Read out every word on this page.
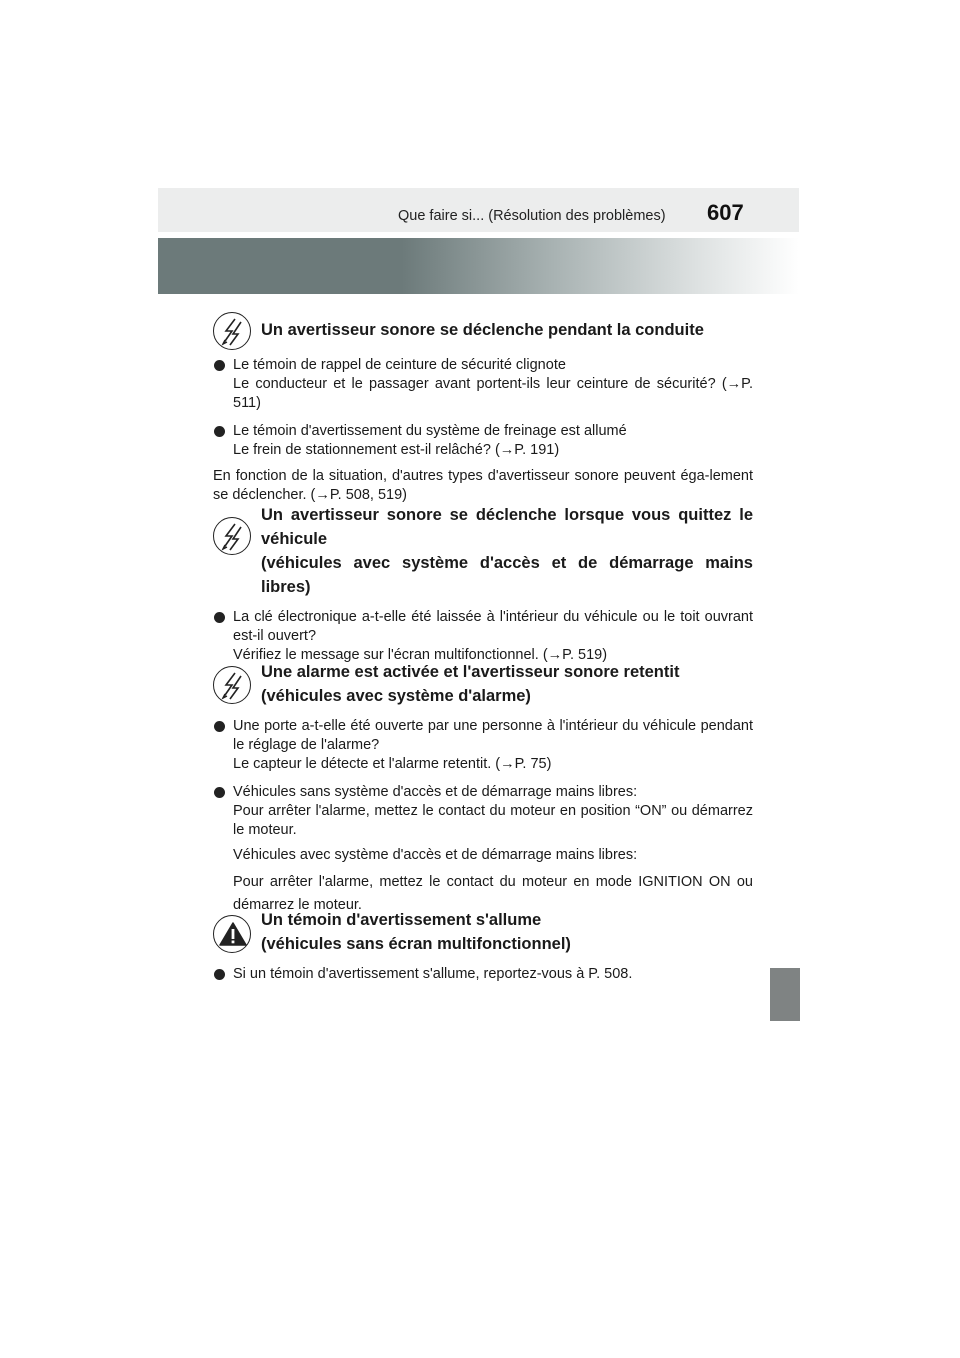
Que faire si... (Résolution des problèmes) 607
Un avertisseur sonore se déclenche pendant la conduite
Le témoin de rappel de ceinture de sécurité clignote
Le conducteur et le passager avant portent-ils leur ceinture de sécurité? (→P. 511)
Le témoin d'avertissement du système de freinage est allumé
Le frein de stationnement est-il relâché? (→P. 191)
En fonction de la situation, d'autres types d'avertisseur sonore peuvent éga-lement se déclencher. (→P. 508, 519)
Un avertisseur sonore se déclenche lorsque vous quittez le véhicule
(véhicules avec système d'accès et de démarrage mains libres)
La clé électronique a-t-elle été laissée à l'intérieur du véhicule ou le toit ouvrant est-il ouvert?
Vérifiez le message sur l'écran multifonctionnel. (→P. 519)
Une alarme est activée et l'avertisseur sonore retentit
(véhicules avec système d'alarme)
Une porte a-t-elle été ouverte par une personne à l'intérieur du véhicule pendant le réglage de l'alarme?
Le capteur le détecte et l'alarme retentit. (→P. 75)
Véhicules sans système d'accès et de démarrage mains libres:
Pour arrêter l'alarme, mettez le contact du moteur en position “ON” ou démarrez le moteur.
Véhicules avec système d'accès et de démarrage mains libres:
Pour arrêter l'alarme, mettez le contact du moteur en mode IGNITION ON ou démarrez le moteur.
Un témoin d'avertissement s'allume
(véhicules sans écran multifonctionnel)
Si un témoin d'avertissement s'allume, reportez-vous à P. 508.
